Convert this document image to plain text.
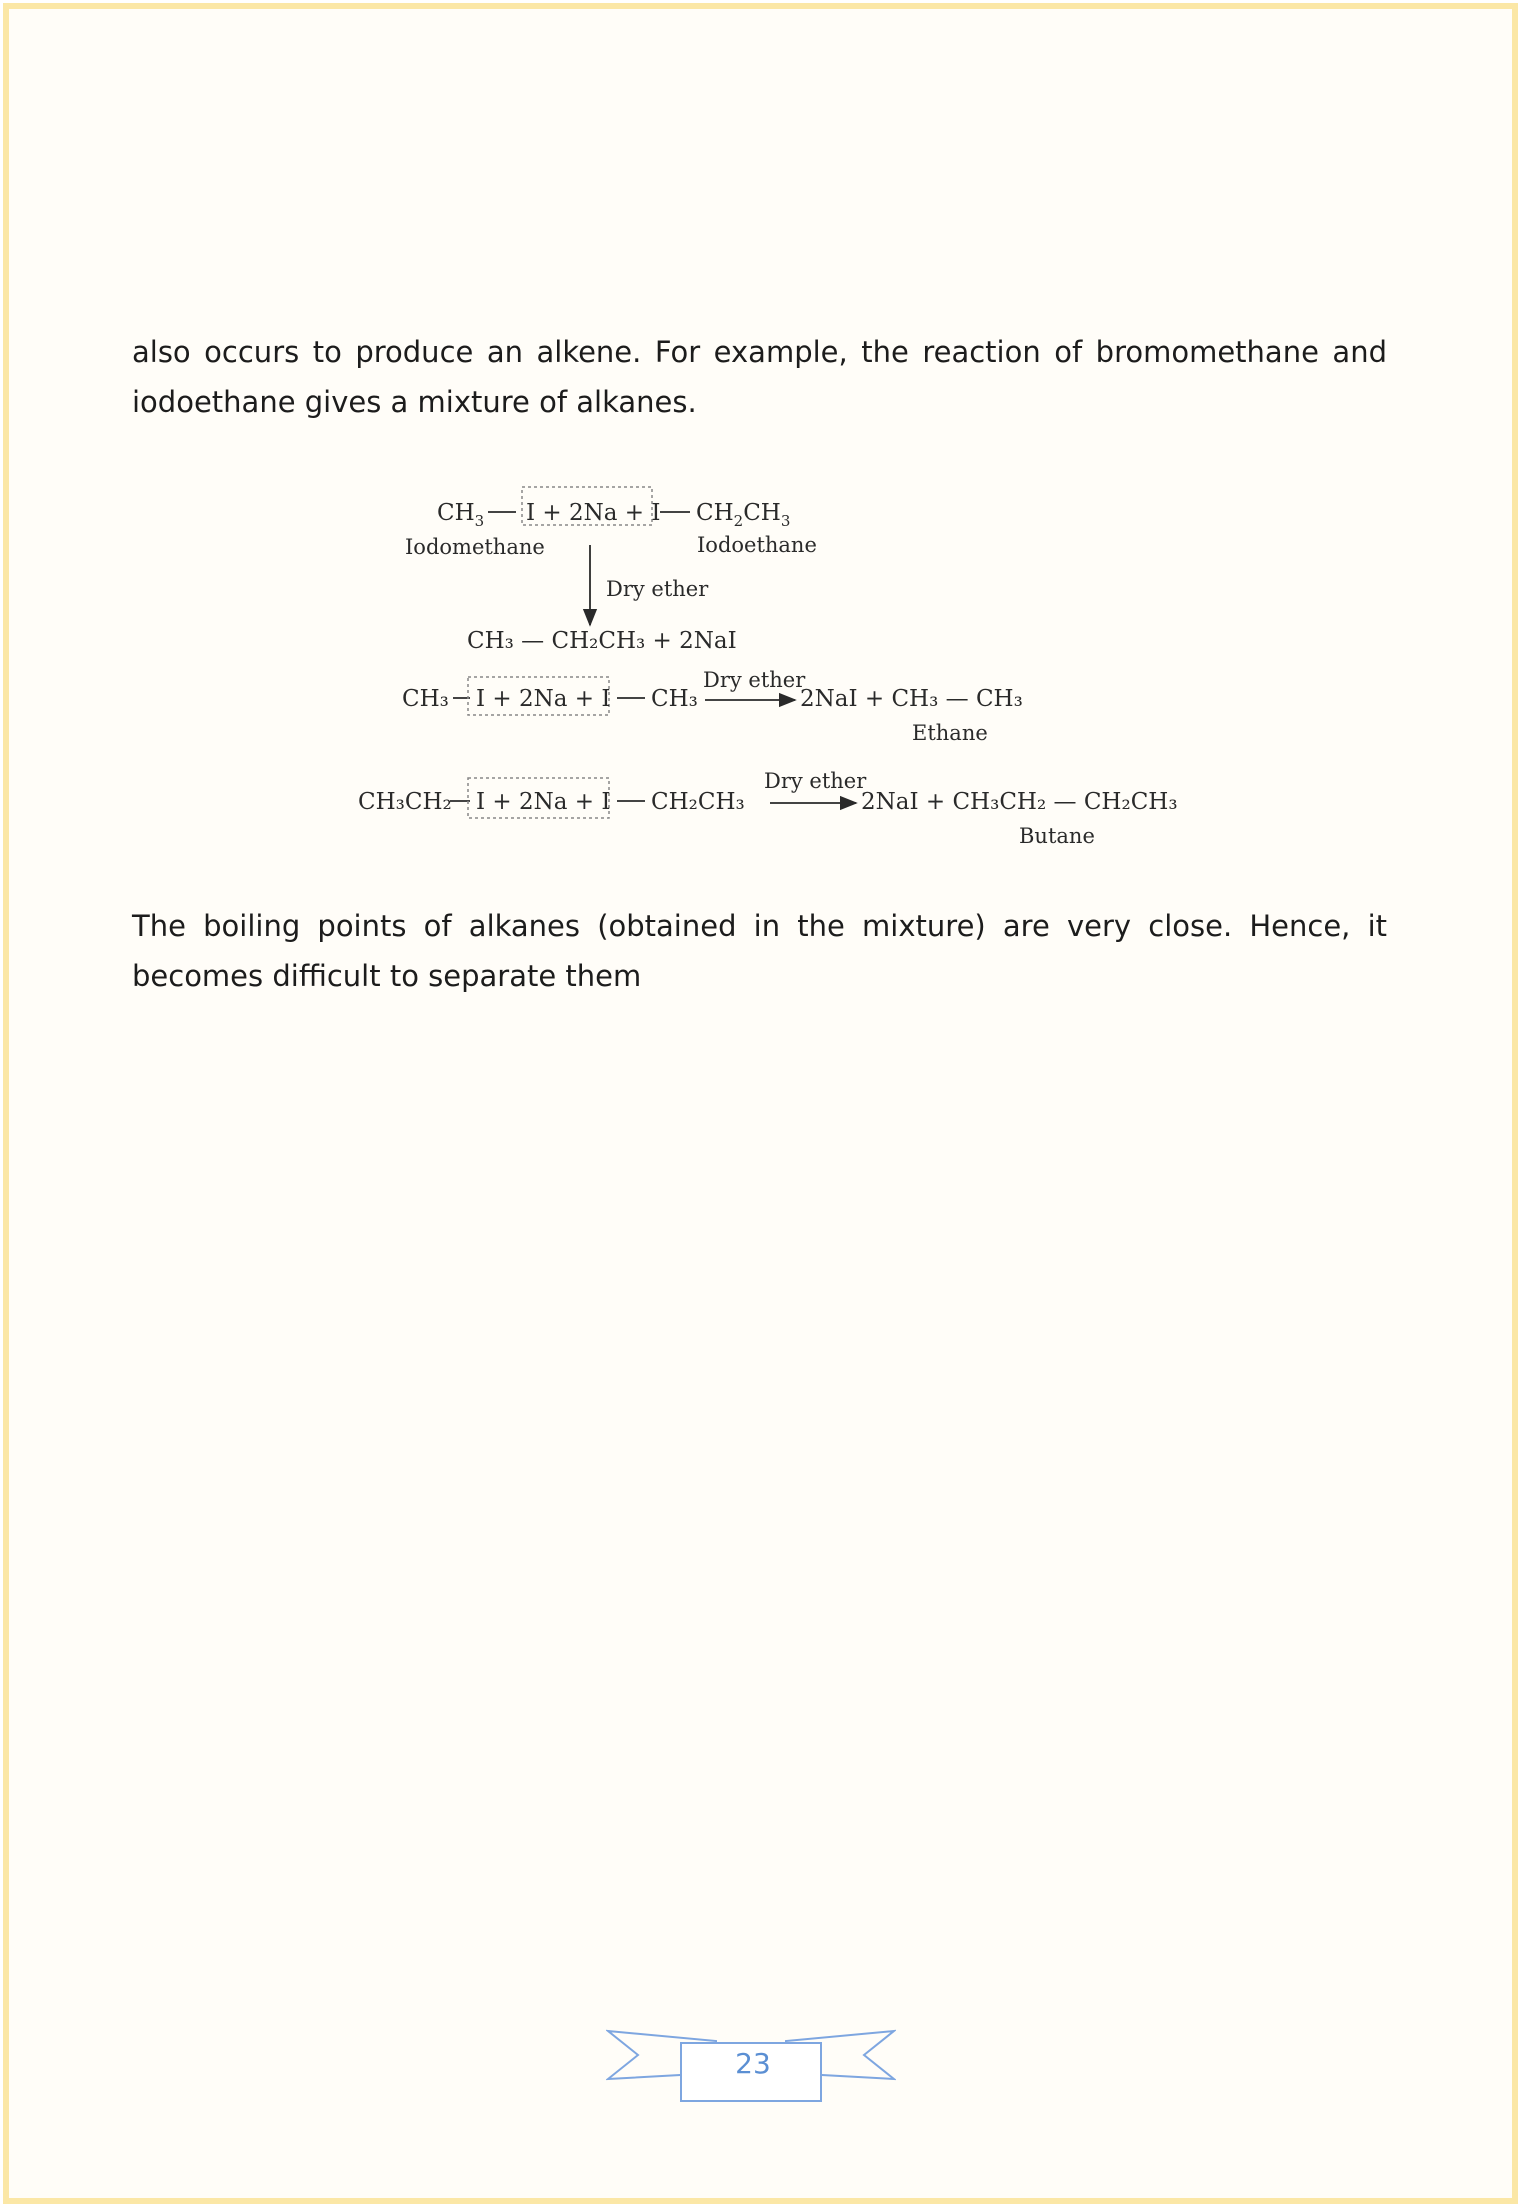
also occurs to produce an alkene. For example, the reaction of bromomethane and iodoethane gives a mixture of alkanes.

$CH_3$ I + 2Na + I $CH_2CH_3$
Iodomethane	Iodoethane
Dry ether
CH₃ — CH₂CH₃ + 2NaI
CH₃ I + 2Na + I CH₃
Dry ether
2NaI + CH₃ — CH₃
Ethane
CH₃CH₂ I + 2Na + I CH₂CH₃
Dry ether
2NaI + CH₃CH₂ — CH₂CH₃
Butane

The boiling points of alkanes (obtained in the mixture) are very close. Hence, it becomes difficult to separate them

23
